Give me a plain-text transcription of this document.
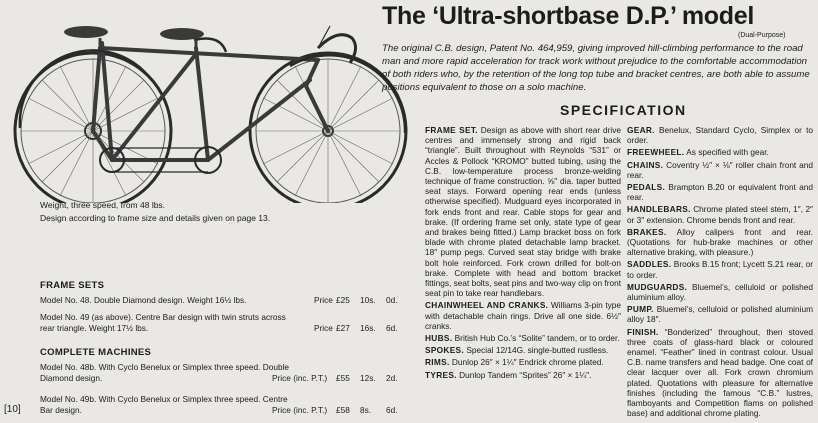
The ‘Ultra-shortbase D.P.’ model
(Dual-Purpose)
The original C.B. design, Patent No. 464,959, giving improved hill-climbing performance to the road man and more rapid acceleration for track work without prejudice to the comfortable accommodation of both riders who, by the retention of the long top tube and bracket centres, are both able to assume positions equivalent to those on a solo machine.

Weight, three speed, from 48 lbs.

Design according to frame size and details given on page 13.

SPECIFICATION

FRAME SET. Design as above with short rear drive centres and immensely strong and rigid back “triangle”. Built throughout with Reynolds “531” or Accles & Pollock “KROMO” butted tubing, using the C.B. low-temperature process bronze-welding technique of frame construction. ⅝″ dia. taper butted seat stays. Forward opening rear ends (unless otherwise specified). Mudguard eyes incorporated in fork ends front and rear. Cable stops for gear and brake. (If ordering frame set only, state type of gear and brakes being fitted.) Lamp bracket boss on fork blade with chrome plated detachable lamp bracket. 18″ pump pegs. Curved seat stay bridge with brake bolt hole reinforced. Fork crown drilled for bolt-on brake. Complete with head and bottom bracket fittings, seat bolts, seat pins and two-way clip on front seat pin to take rear handlebars.

CHAINWHEEL AND CRANKS. Williams 3-pin type with detachable chain rings. Drive all one side. 6½″ cranks.

HUBS. British Hub Co.’s “Solite” tandem, or to order.

SPOKES. Special 12/14G. single-butted rustless.

RIMS. Dunlop 26″ × 1¼″ Endrick chrome plated.

TYRES. Dunlop Tandem “Sprites” 26″ × 1¼″.

GEAR. Benelux, Standard Cyclo, Simplex or to order.

FREEWHEEL. As specified with gear.

CHAINS. Coventry ½″ × ⅛″ roller chain front and rear.

PEDALS. Brampton B.20 or equivalent front and rear.

HANDLEBARS. Chrome plated steel stem, 1″, 2″ or 3″ extension. Chrome bends front and rear.

BRAKES. Alloy calipers front and rear. (Quotations for hub-brake machines or other alternative braking, with pleasure.)

SADDLES. Brooks B.15 front; Lycett S.21 rear, or to order.

MUDGUARDS. Bluemel’s, celluloid or polished aluminium alloy.

PUMP. Bluemel’s, celluloid or polished aluminium alloy 18″.

FINISH. “Bonderized” throughout, then stoved three coats of glass-hard black or coloured enamel. “Feather” lined in contrast colour. Usual C.B. name transfers and head badge. One coat of clear lacquer over all. Fork crown chromium plated. Quotations with pleasure for alternative finishes (including the famous “C.B.” lustres, flamboyants and Competition flams on polished base) and additional chrome plating.

FRAME SETS
Model No. 48. Double Diamond design. Weight 16½ lbs.	Price £25 10s. 0d.
Model No. 49 (as above). Centre Bar design with twin struts across rear triangle. Weight 17½ lbs.	Price £27 16s. 6d.
COMPLETE MACHINES
Model No. 48b. With Cyclo Benelux or Simplex three speed. Double Diamond design.	Price (inc. P.T.) £55 12s. 2d.
Model No. 49b. With Cyclo Benelux or Simplex three speed. Centre Bar design.	Price (inc. P.T.) £58 8s. 6d.
[10]
